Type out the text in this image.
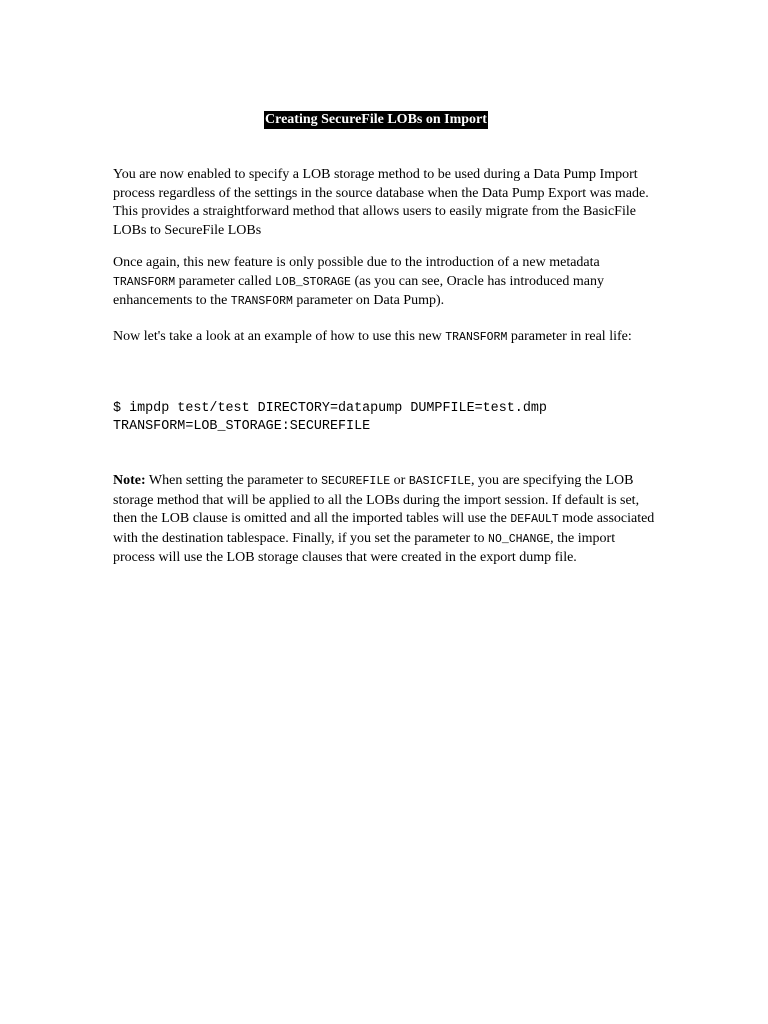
Creating SecureFile LOBs on Import

You are now enabled to specify a LOB storage method to be used during a Data Pump Import process regardless of the settings in the source database when the Data Pump Export was made. This provides a straightforward method that allows users to easily migrate from the BasicFile LOBs to SecureFile LOBs

Once again, this new feature is only possible due to the introduction of a new metadata TRANSFORM parameter called LOB_STORAGE (as you can see, Oracle has introduced many enhancements to the TRANSFORM parameter on Data Pump).

Now let's take a look at an example of how to use this new TRANSFORM parameter in real life:

$ impdp test/test DIRECTORY=datapump DUMPFILE=test.dmp
TRANSFORM=LOB_STORAGE:SECUREFILE

Note: When setting the parameter to SECUREFILE or BASICFILE, you are specifying the LOB storage method that will be applied to all the LOBs during the import session. If default is set, then the LOB clause is omitted and all the imported tables will use the DEFAULT mode associated with the destination tablespace. Finally, if you set the parameter to NO_CHANGE, the import process will use the LOB storage clauses that were created in the export dump file.
